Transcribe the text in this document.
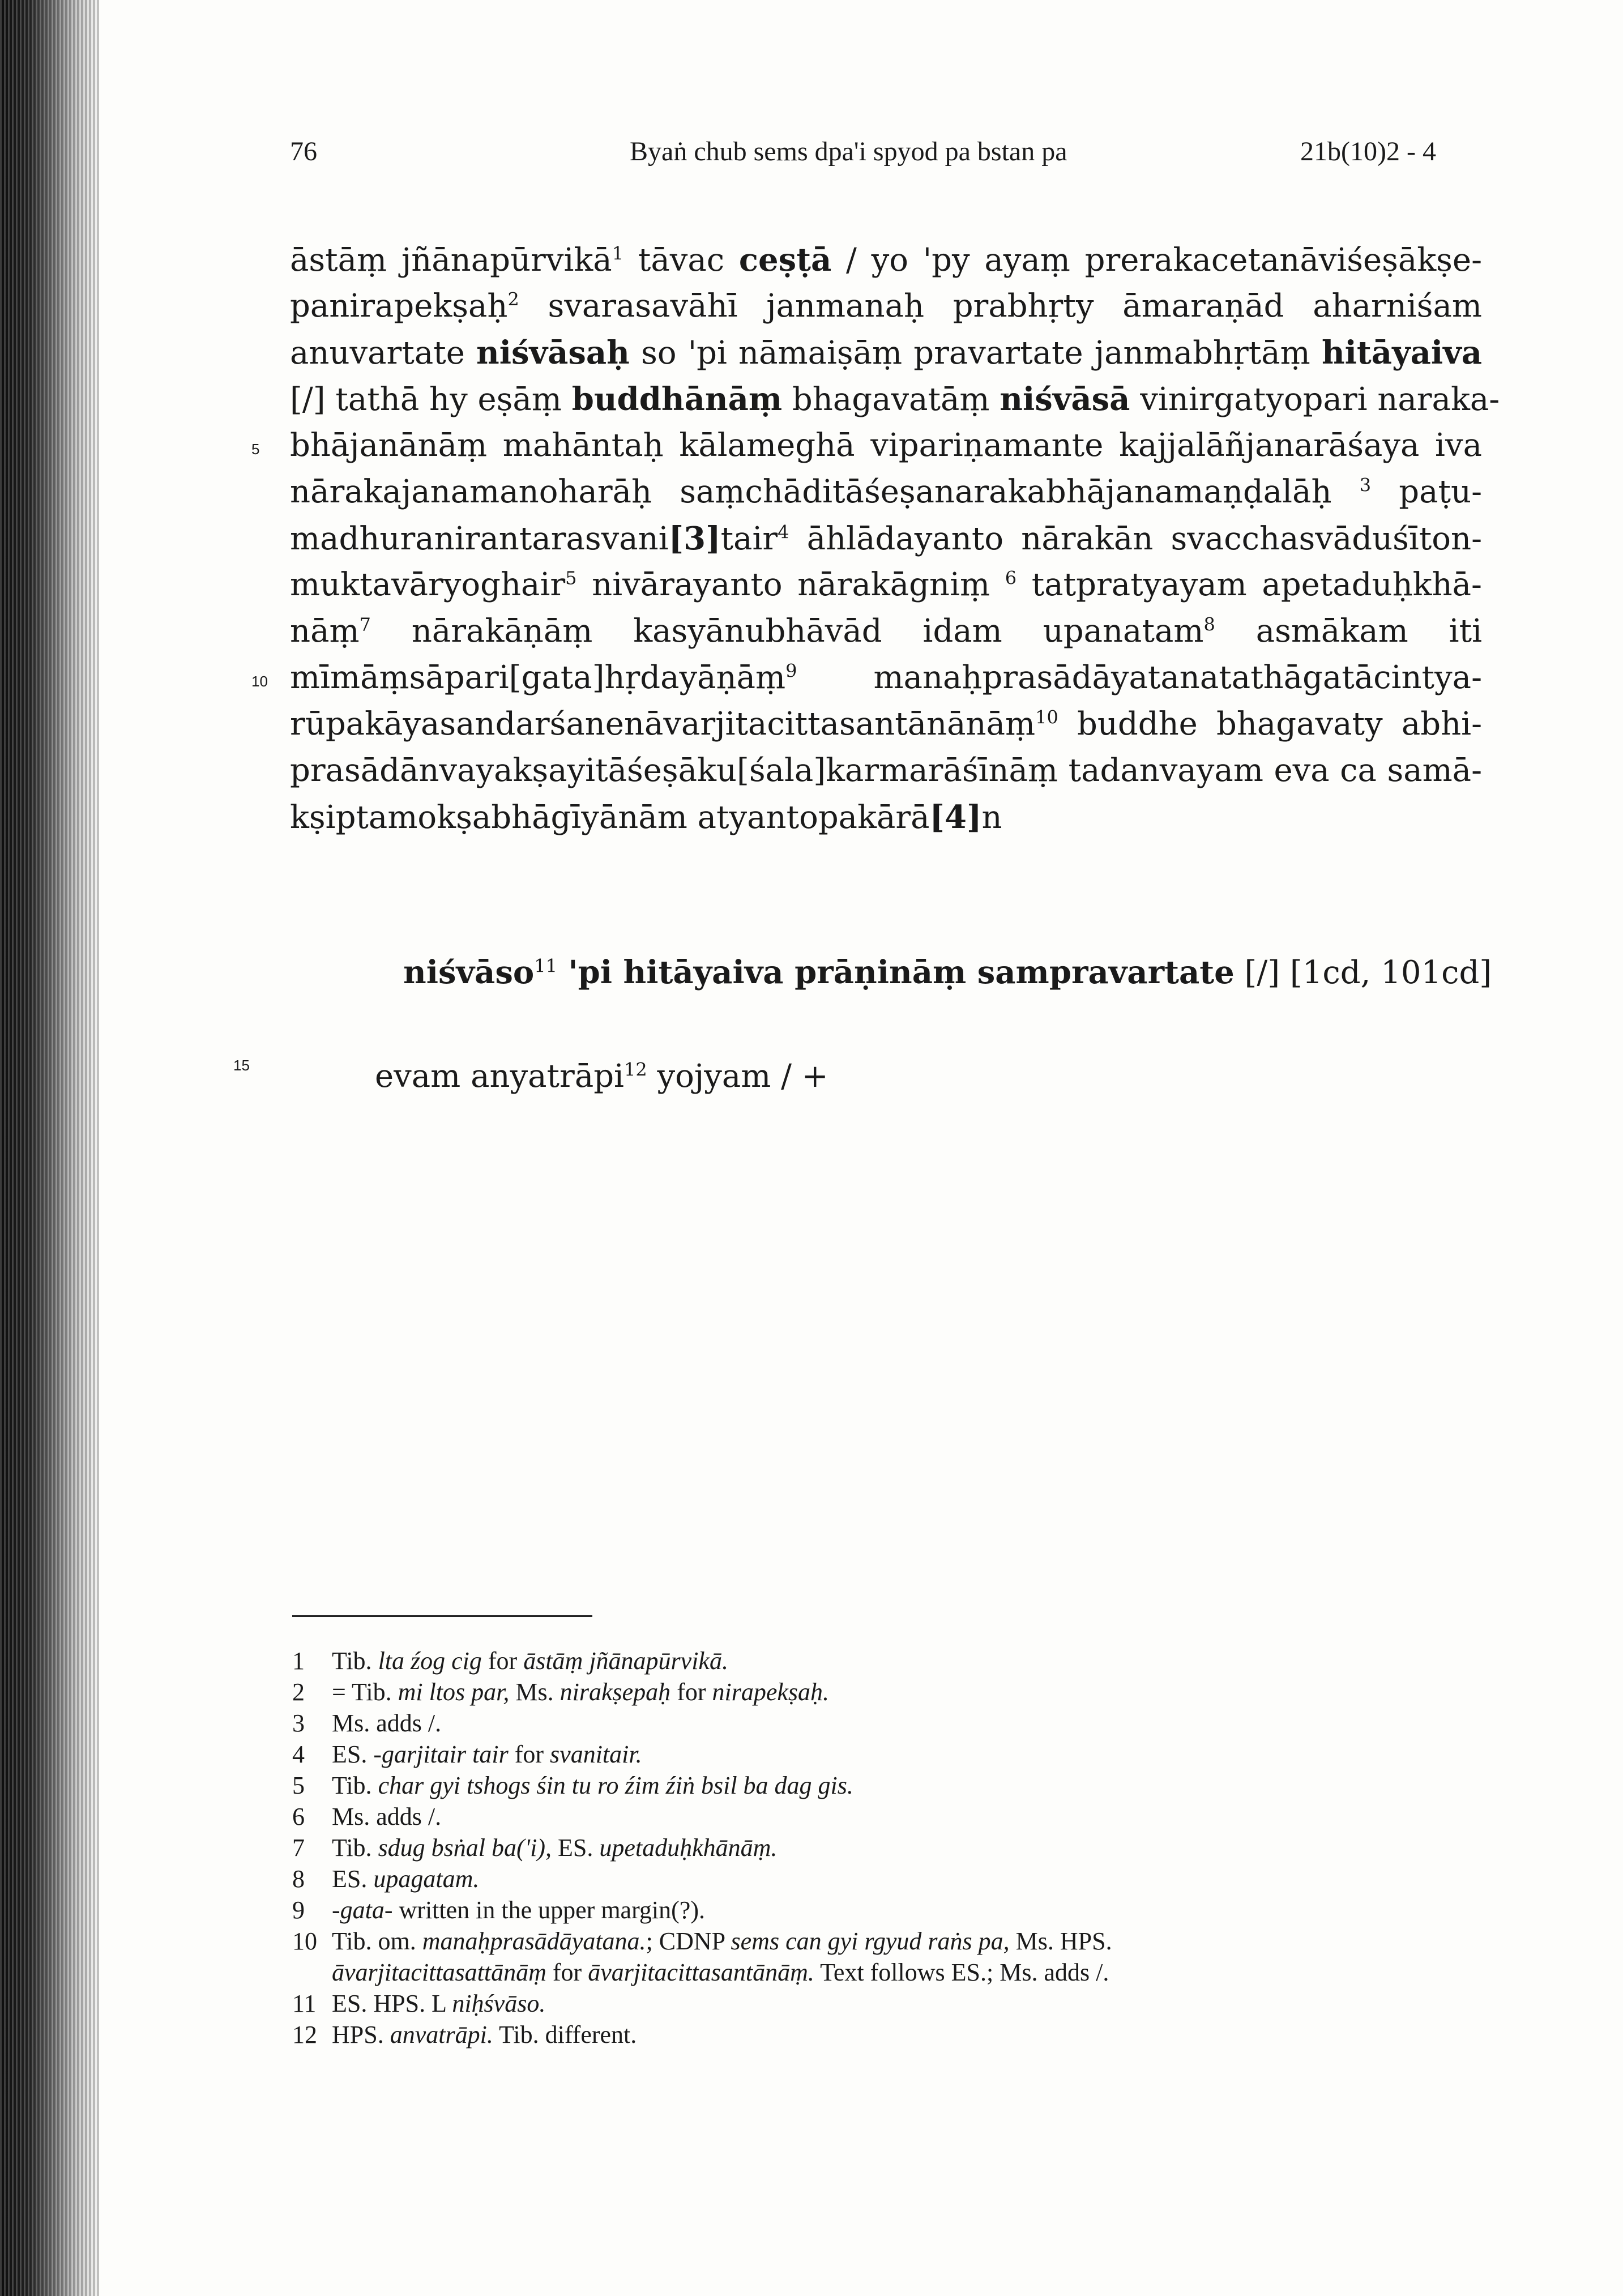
76	Byaṅ chub sems dpa'i spyod pa bstan pa	21b(10)2 - 4
āstāṃ jñānapūrvikā$^1$ tāvac ceṣṭā / yo 'py ayaṃ prerakacetanāviśeṣākṣe-
panirapekṣaḥ$^2$ svarasavāhī janmanaḥ prabhṛty āmaraṇād aharniśam
anuvartate niśvāsaḥ so 'pi nāmaiṣāṃ pravartate janmabhṛtāṃ hitāyaiva
[/] tathā hy eṣāṃ buddhānāṃ bhagavatāṃ niśvāsā vinirgatyopari naraka-
5 bhājanānāṃ mahāntaḥ kālameghā vipariṇamante kajjalāñjanarāśaya iva
nārakajanamanoharāḥ saṃchāditāśeṣanarakabhājanamaṇḍalāḥ $^3$ paṭu-
madhuranirantarasvani[3]tair$^4$ āhlādayanto nārakān svacchasvāduśīton-
muktavāryoghair$^5$ nivārayanto nārakāgniṃ $^6$ tatpratyayam apetaduḥkhā-
nāṃ$^7$ nārakāṇāṃ kasyānubhāvād idam upanatam$^8$ asmākam iti
10 mīmāṃsāpari[gata]hṛdayāṇāṃ$^9$ manaḥprasādāyatanatathāgatācintya-
rūpakāyasandarśanenāvarjitacittasantānānāṃ$^{10}$ buddhe bhagavaty abhi-
prasādānvayakṣayitāśeṣāku[śala]karmarāśīnāṃ tadanvayam eva ca samā-
kṣiptamokṣabhāgīyānām atyantopakārā[4]n
niśvāso$^{11}$ 'pi hitāyaiva prāṇināṃ sampravartate [/] [1cd, 101cd]
15	evam anyatrāpi$^{12}$ yojyam / +
1 Tib. lta źog cig for āstāṃ jñānapūrvikā.
2 = Tib. mi ltos par, Ms. nirakṣepaḥ for nirapekṣaḥ.
3 Ms. adds /.
4 ES. -garjitair tair for svanitair.
5 Tib. char gyi tshogs śin tu ro źim źiṅ bsil ba dag gis.
6 Ms. adds /.
7 Tib. sdug bsṅal ba('i), ES. upetaduḥkhānāṃ.
8 ES. upagatam.
9 -gata- written in the upper margin(?).
10 Tib. om. manaḥprasādāyatana.; CDNP sems can gyi rgyud raṅs pa, Ms. HPS.
āvarjitacittasattānāṃ for āvarjitacittasantānāṃ. Text follows ES.; Ms. adds /.
11 ES. HPS. L niḥśvāso.
12 HPS. anvatrāpi. Tib. different.
